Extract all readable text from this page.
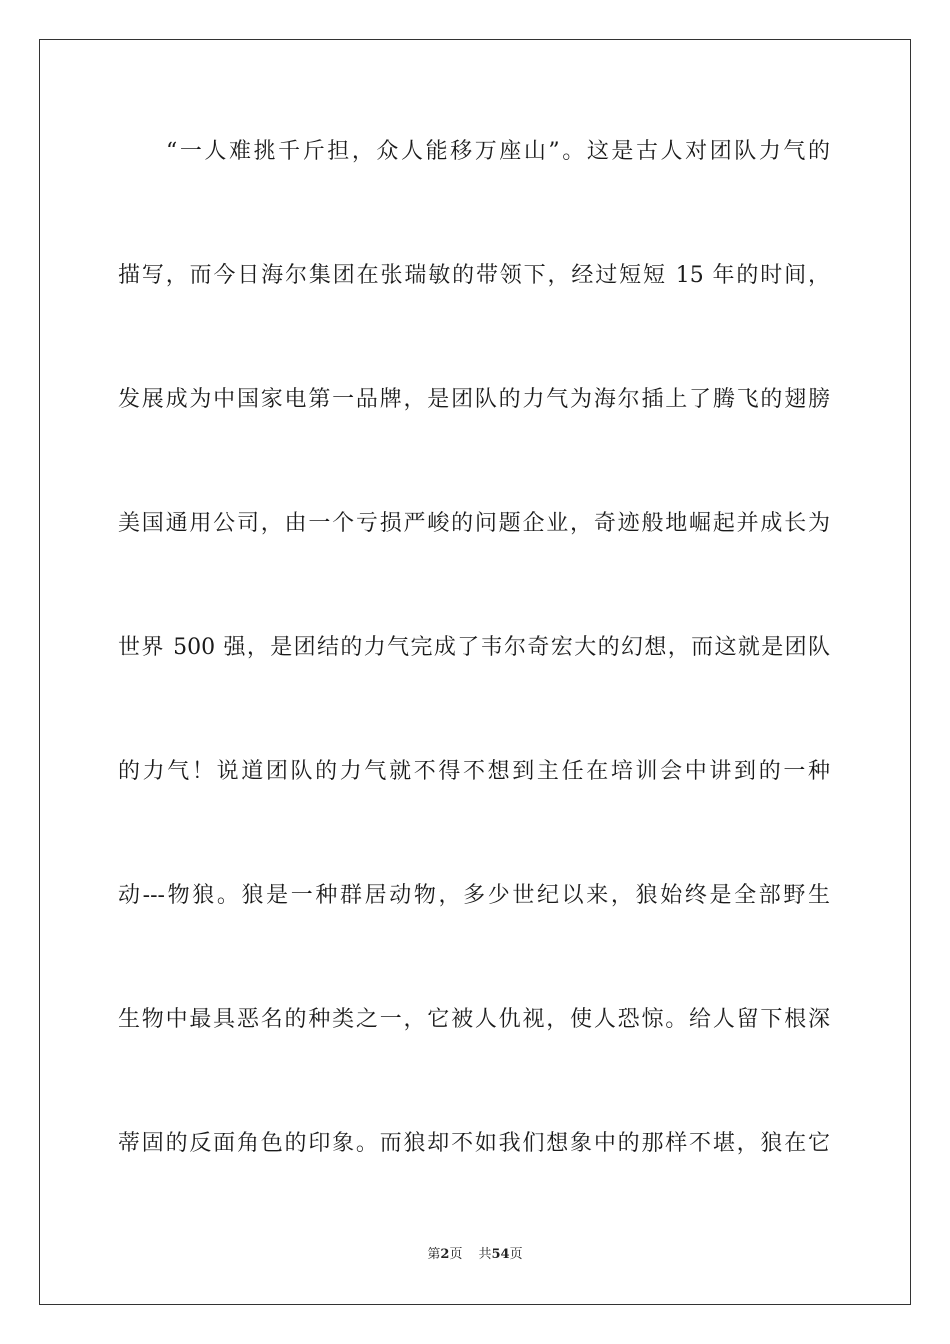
“一人难挑千斤担，众人能移万座山”。这是古人对团队力气的
描写，而今日海尔集团在张瑞敏的带领下，经过短短 15 年的时间，
发展成为中国家电第一品牌，是团队的力气为海尔插上了腾飞的翅膀
美国通用公司，由一个亏损严峻的问题企业，奇迹般地崛起并成长为
世界 500 强，是团结的力气完成了韦尔奇宏大的幻想，而这就是团队
的力气！说道团队的力气就不得不想到主任在培训会中讲到的一种
动---物狼。狼是一种群居动物，多少世纪以来，狼始终是全部野生
生物中最具恶名的种类之一，它被人仇视，使人恐惊。给人留下根深
蒂固的反面角色的印象。而狼却不如我们想象中的那样不堪，狼在它
第2页 共54页
